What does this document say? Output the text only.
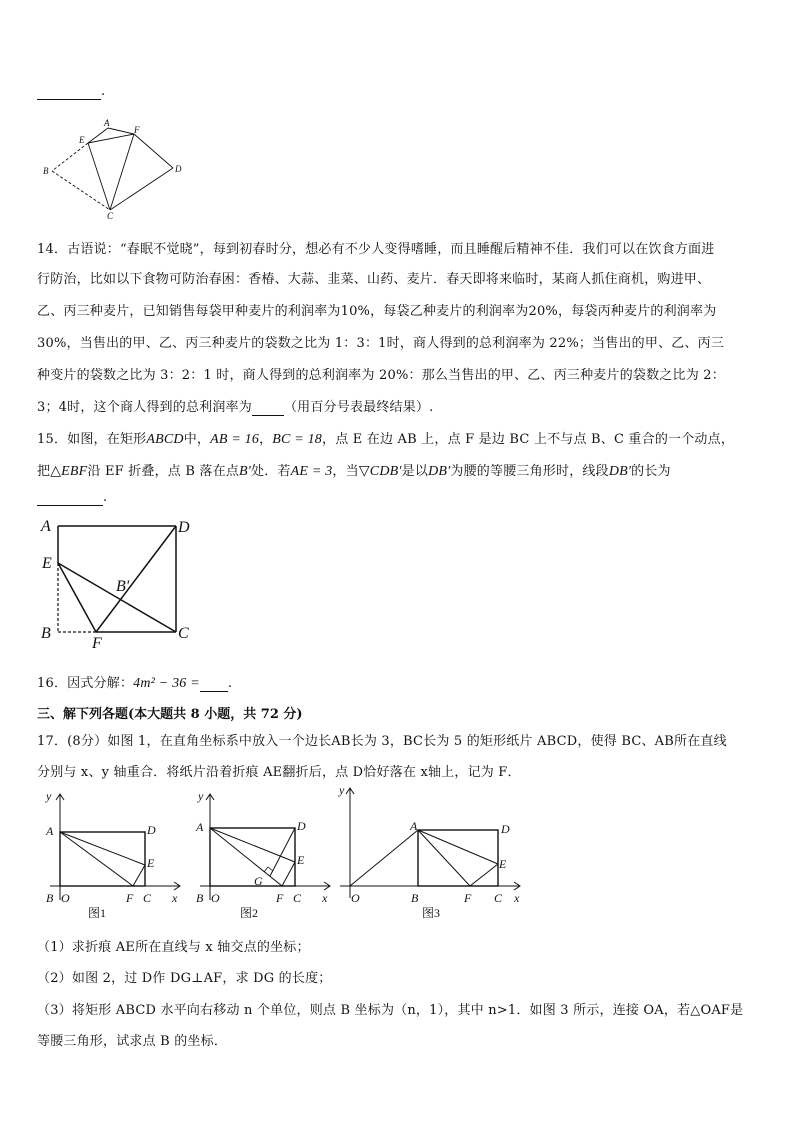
.
A
E
F
B	D
C
14．古语说：“春眠不觉晓”，每到初春时分，想必有不少人变得嗜睡，而且睡醒后精神不佳．我们可以在饮食方面进
行防治，比如以下食物可防治春困：香椿、大蒜、韭菜、山药、麦片．春天即将来临时，某商人抓住商机，购进甲、
乙、丙三种麦片，已知销售每袋甲种麦片的利润率为10%，每袋乙种麦片的利润率为20%，每袋丙种麦片的利润率为
30%，当售出的甲、乙、丙三种麦片的袋数之比为 1：3：1时，商人得到的总利润率为 22%；当售出的甲、乙、丙三
种变片的袋数之比为 3：2：1 时，商人得到的总利润率为 20%：那么当售出的甲、乙、丙三种麦片的袋数之比为 2：
3；4时，这个商人得到的总利润率为 （用百分号表最终结果）.
15．如图，在矩形ABCD中，AB = 16，BC = 18，点 E 在边 AB 上，点 F 是边 BC 上不与点 B、C 重合的一个动点，
把△EBF沿 EF 折叠，点 B 落在点B′处．若AE = 3，当▽CDB′是以DB′为腰的等腰三角形时，线段DB′的长为
.
A	D
E
B	C
F
B′
16．因式分解：4m² − 36 = .
三、解下列各题(本大题共 8 小题，共 72 分)
17．(8分）如图 1，在直角坐标系中放入一个边长AB长为 3，BC长为 5 的矩形纸片 ABCD，使得 BC、AB所在直线
分别与 x、y 轴重合．将纸片沿着折痕 AE翻折后，点 D恰好落在 x轴上，记为 F．
A	D
E
B O	F C x
y
图1
A	D
E
G
B O	F C x
y
图2
A	D
E
O	B	F C x
y
图3
（1）求折痕 AE所在直线与 x 轴交点的坐标；
（2）如图 2，过 D作 DG⊥AF，求 DG 的长度；
（3）将矩形 ABCD 水平向右移动 n 个单位，则点 B 坐标为（n，1），其中 n>1．如图 3 所示，连接 OA，若△OAF是
等腰三角形，试求点 B 的坐标．
